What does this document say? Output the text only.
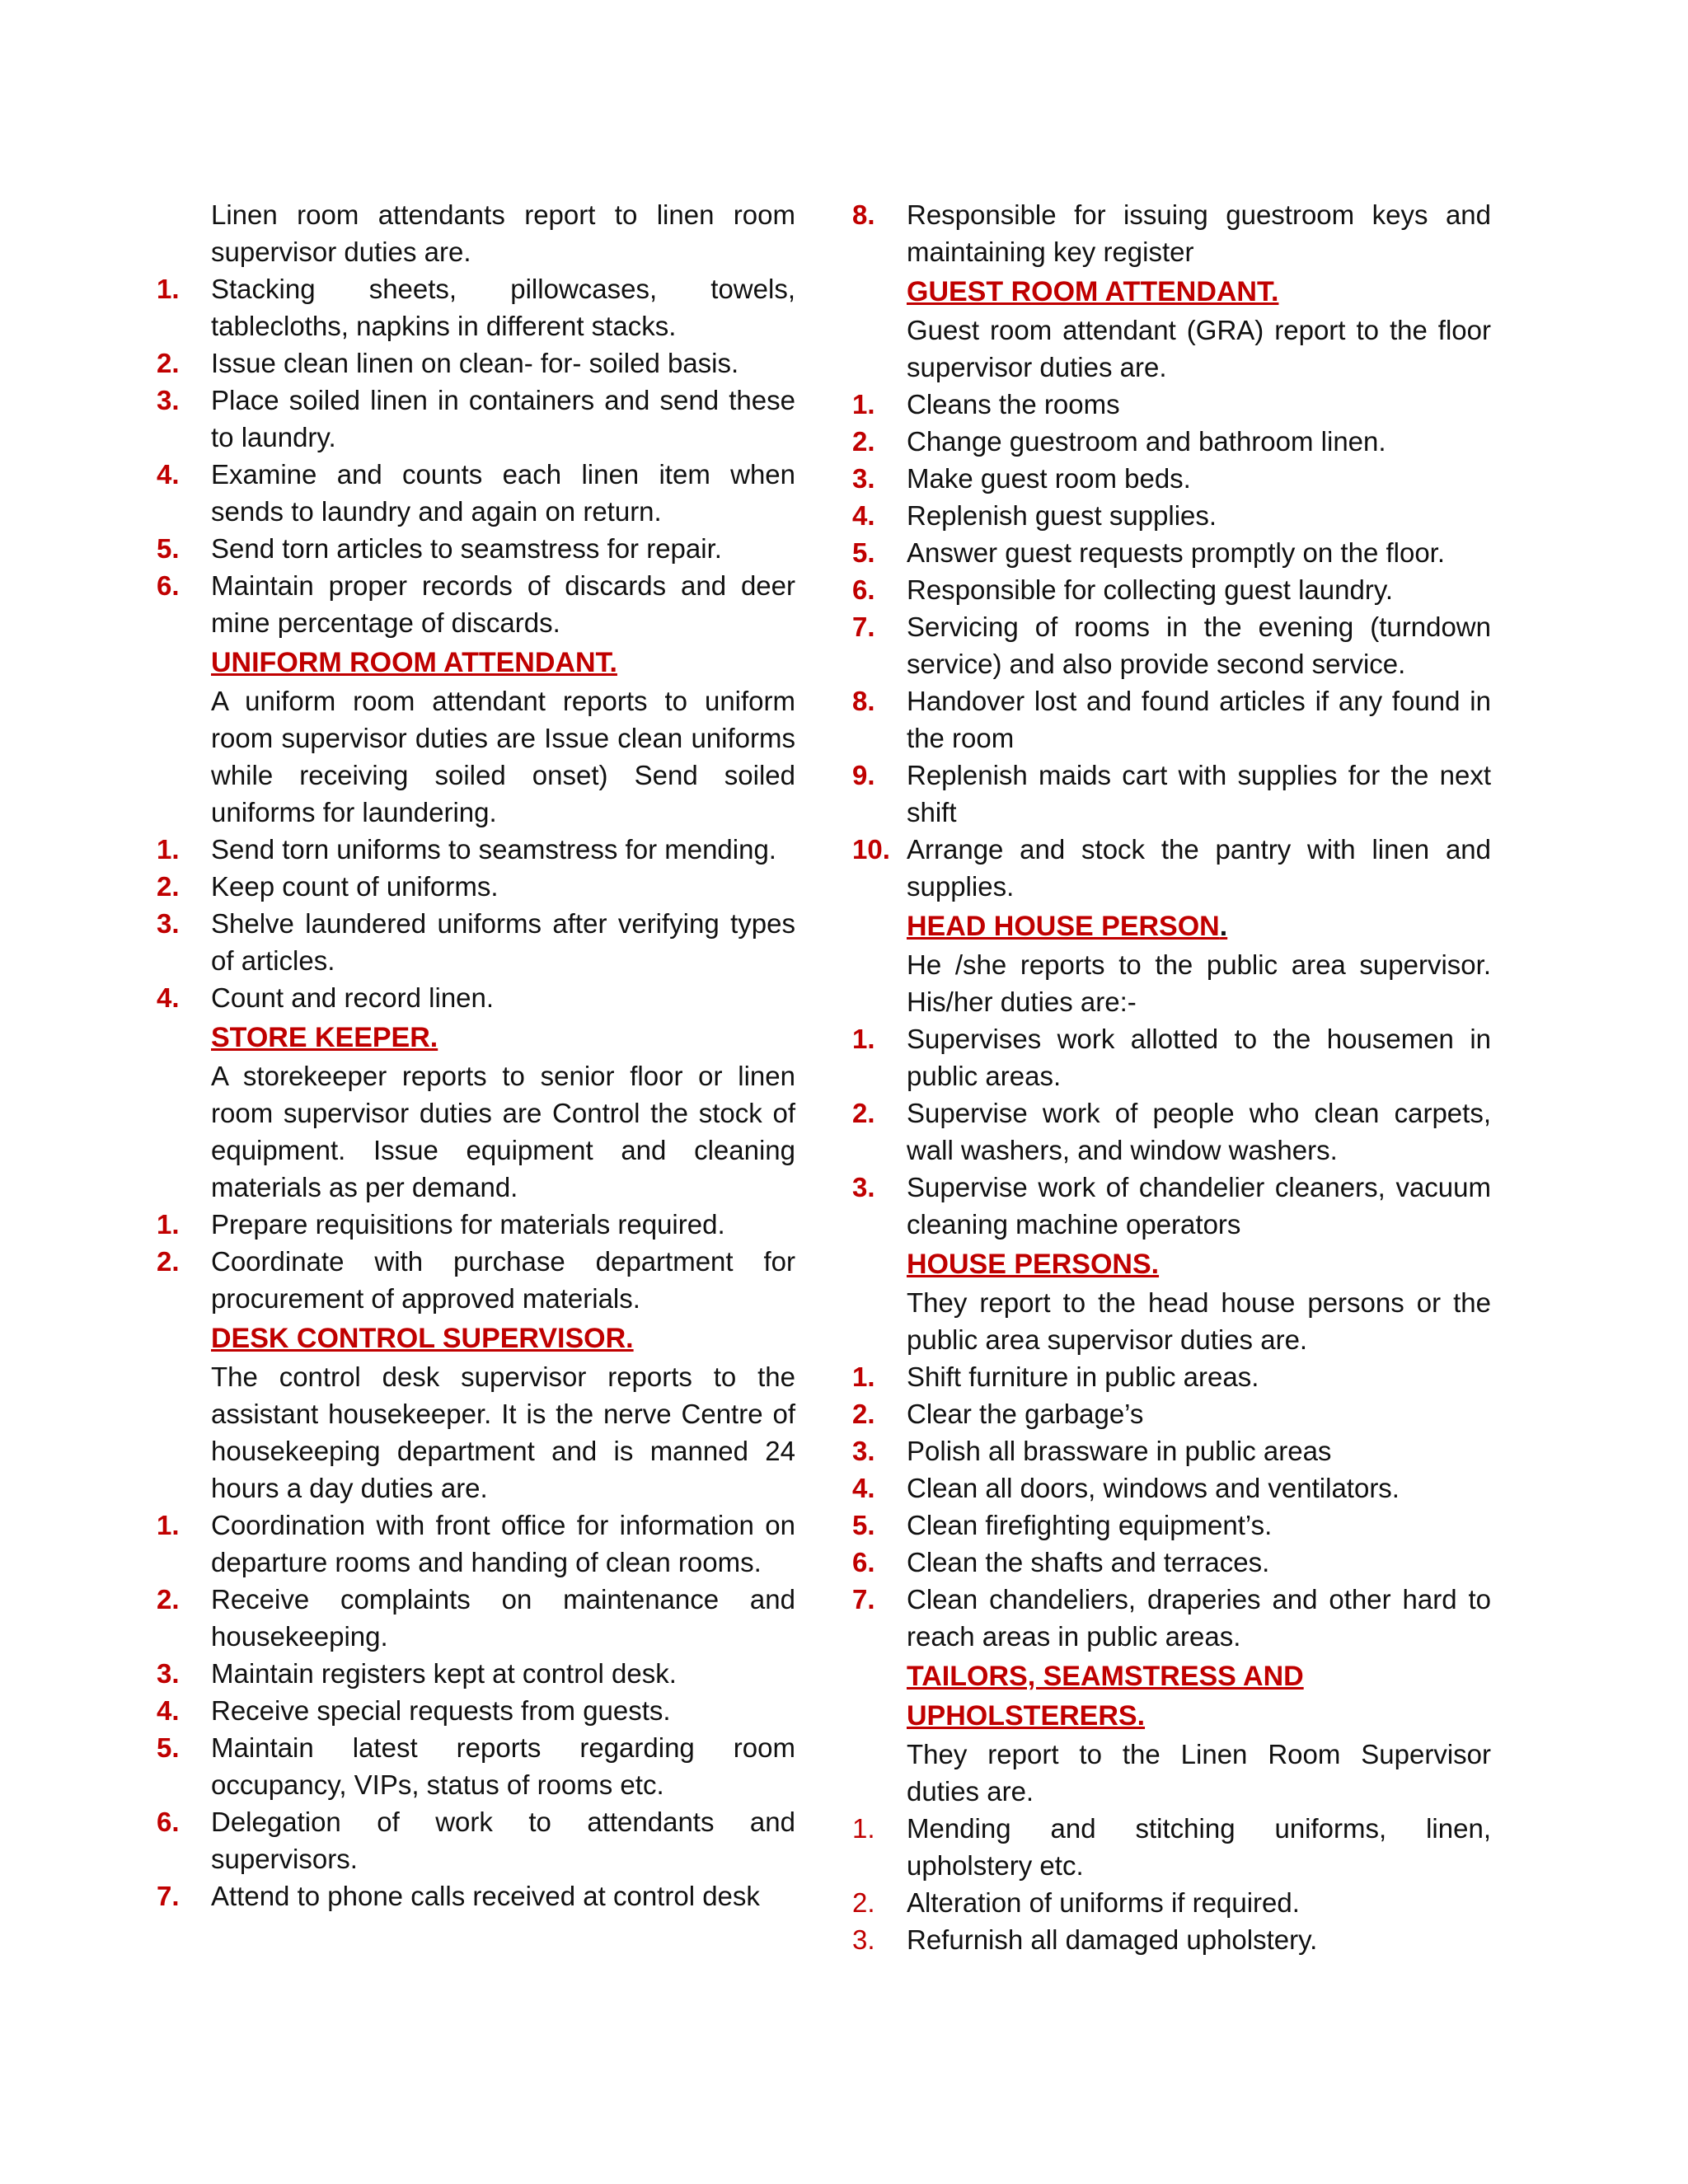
Linen room attendants report to linen room supervisor duties are.
1. Stacking sheets, pillowcases, towels, tablecloths, napkins in different stacks.
2. Issue clean linen on clean- for- soiled basis.
3. Place soiled linen in containers and send these to laundry.
4. Examine and counts each linen item when sends to laundry and again on return.
5. Send torn articles to seamstress for repair.
6. Maintain proper records of discards and deer mine percentage of discards.
UNIFORM ROOM ATTENDANT.
A uniform room attendant reports to uniform room supervisor duties are Issue clean uniforms while receiving soiled onset) Send soiled uniforms for laundering.
1. Send torn uniforms to seamstress for mending.
2. Keep count of uniforms.
3. Shelve laundered uniforms after verifying types of articles.
4. Count and record linen.
STORE KEEPER.
A storekeeper reports to senior floor or linen room supervisor duties are Control the stock of equipment. Issue equipment and cleaning materials as per demand.
1. Prepare requisitions for materials required.
2. Coordinate with purchase department for procurement of approved materials.
DESK CONTROL SUPERVISOR.
The control desk supervisor reports to the assistant housekeeper. It is the nerve Centre of housekeeping department and is manned 24 hours a day duties are.
1. Coordination with front office for information on departure rooms and handing of clean rooms.
2. Receive complaints on maintenance and housekeeping.
3. Maintain registers kept at control desk.
4. Receive special requests from guests.
5. Maintain latest reports regarding room occupancy, VIPs, status of rooms etc.
6. Delegation of work to attendants and supervisors.
7. Attend to phone calls received at control desk
8. Responsible for issuing guestroom keys and maintaining key register
GUEST ROOM ATTENDANT.
Guest room attendant (GRA) report to the floor supervisor duties are.
1. Cleans the rooms
2. Change guestroom and bathroom linen.
3. Make guest room beds.
4. Replenish guest supplies.
5. Answer guest requests promptly on the floor.
6. Responsible for collecting guest laundry.
7. Servicing of rooms in the evening (turndown service) and also provide second service.
8. Handover lost and found articles if any found in the room
9. Replenish maids cart with supplies for the next shift
10. Arrange and stock the pantry with linen and supplies.
HEAD HOUSE PERSON.
He /she reports to the public area supervisor. His/her duties are:-
1. Supervises work allotted to the housemen in public areas.
2. Supervise work of people who clean carpets, wall washers, and window washers.
3. Supervise work of chandelier cleaners, vacuum cleaning machine operators
HOUSE PERSONS.
They report to the head house persons or the public area supervisor duties are.
1. Shift furniture in public areas.
2. Clear the garbage’s
3. Polish all brassware in public areas
4. Clean all doors, windows and ventilators.
5. Clean firefighting equipment’s.
6. Clean the shafts and terraces.
7. Clean chandeliers, draperies and other hard to reach areas in public areas.
TAILORS, SEAMSTRESS AND UPHOLSTERERS.
They report to the Linen Room Supervisor duties are.
1. Mending and stitching uniforms, linen, upholstery etc.
2. Alteration of uniforms if required.
3. Refurnish all damaged upholstery.
